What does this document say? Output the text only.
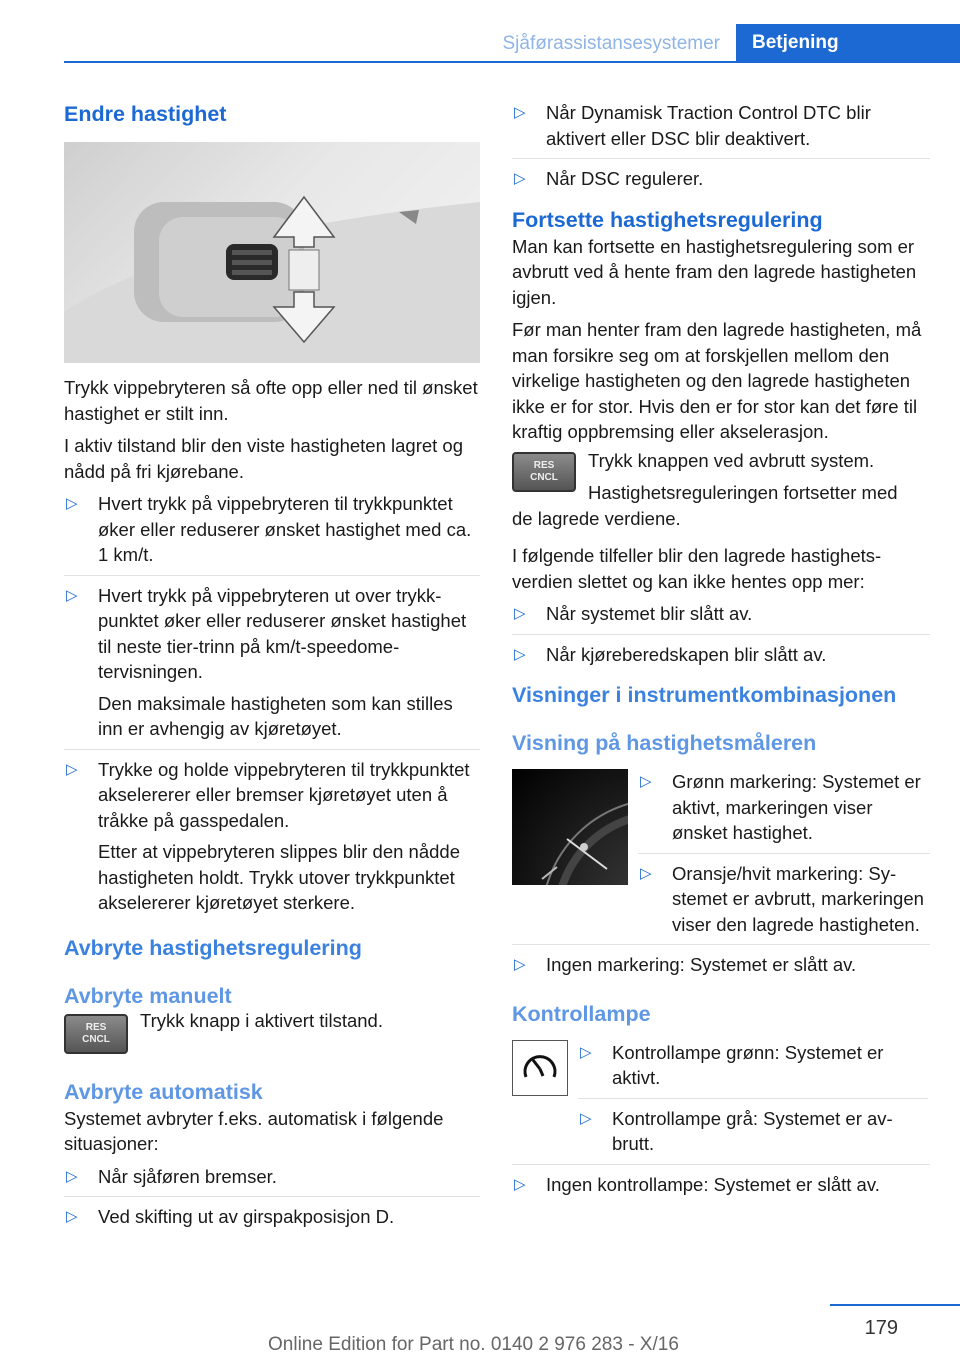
Sjåførassistansesystemer	Betjening
Endre hastighet
Trykk vippebryteren så ofte opp eller ned til ønsket hastighet er stilt inn.
I aktiv tilstand blir den viste hastigheten lagret og nådd på fri kjørebane.
▷ Hvert trykk på vippebryteren til trykkpunktet øker eller reduserer ønsket hastighet med ca. 1 km/t.
▷ Hvert trykk på vippebryteren ut over trykkpunktet øker eller reduserer ønsket hastighet til neste tier-trinn på km/t-speedometervisningen.
Den maksimale hastigheten som kan stilles inn er avhengig av kjøretøyet.
▷ Trykke og holde vippebryteren til trykkpunktet akselererer eller bremser kjøretøyet uten å tråkke på gasspedalen.
Etter at vippebryteren slippes blir den nådde hastigheten holdt. Trykk utover trykkpunktet akselererer kjøretøyet sterkere.
Avbryte hastighetsregulering
Avbryte manuelt
RES
CNCL
Trykk knapp i aktivert tilstand.
Avbryte automatisk
Systemet avbryter f.eks. automatisk i følgende situasjoner:
▷ Når sjåføren bremser.
▷ Ved skifting ut av girspakposisjon D.
▷ Når Dynamisk Traction Control DTC blir aktivert eller DSC blir deaktivert.
▷ Når DSC regulerer.
Fortsette hastighetsregulering
Man kan fortsette en hastighetsregulering som er avbrutt ved å hente fram den lagrede hastigheten igjen.
Før man henter fram den lagrede hastigheten, må man forsikre seg om at forskjellen mellom den virkelige hastigheten og den lagrede hastigheten ikke er for stor. Hvis den er for stor kan det føre til kraftig oppbremsing eller akselerasjon.
RES
CNCL
Trykk knappen ved avbrutt system.
Hastighetsreguleringen fortsetter med
de lagrede verdiene.
I følgende tilfeller blir den lagrede hastighetsverdien slettet og kan ikke hentes opp mer:
▷ Når systemet blir slått av.
▷ Når kjøreberedskapen blir slått av.
Visninger i instrumentkombinasjonen
Visning på hastighetsmåleren
▷ Grønn markering: Systemet er aktivt, markeringen viser ønsket hastighet.
▷ Oransje/hvit markering: Systemet er avbrutt, markeringen viser den lagrede hastigheten.
▷ Ingen markering: Systemet er slått av.
Kontrollampe
▷ Kontrollampe grønn: Systemet er aktivt.
▷ Kontrollampe grå: Systemet er avbrutt.
▷ Ingen kontrollampe: Systemet er slått av.
179
Online Edition for Part no. 0140 2 976 283 - X/16
